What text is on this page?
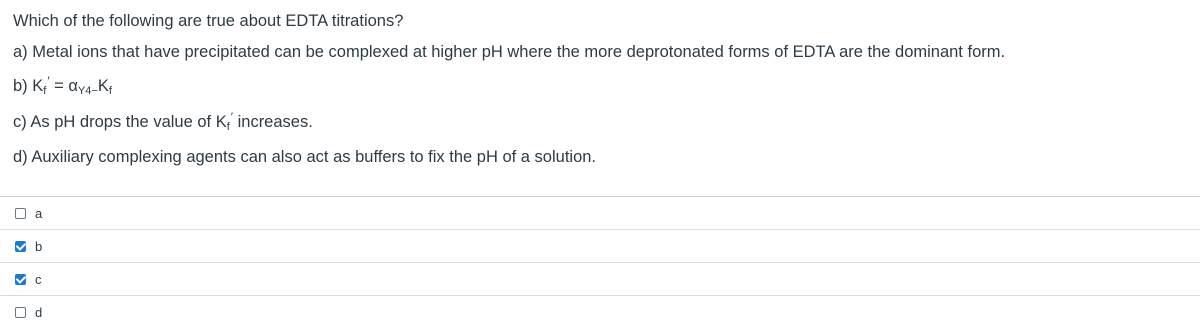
Which of the following are true about EDTA titrations?
a) Metal ions that have precipitated can be complexed at higher pH where the more deprotonated forms of EDTA are the dominant form.
b) Kf′ = αY4−Kf
c) As pH drops the value of Kf′ increases.
d) Auxiliary complexing agents can also act as buffers to fix the pH of a solution.
a
b
c
d
